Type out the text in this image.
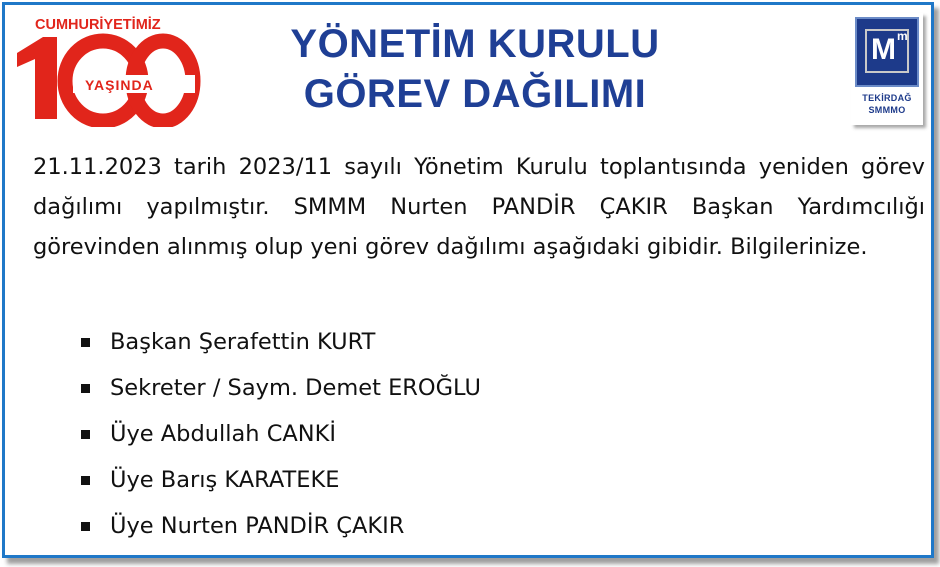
CUMHURİYETİMİZ
YAŞINDA
YÖNETİM KURULU
GÖREV DAĞILIMI
M m
TEKİRDAĞ
SMMMO
21.11.2023 tarih 2023/11 sayılı Yönetim Kurulu toplantısında yeniden görev dağılımı yapılmıştır. SMMM Nurten PANDİR ÇAKIR Başkan Yardımcılığı görevinden alınmış olup yeni görev dağılımı aşağıdaki gibidir. Bilgilerinize.
Başkan Şerafettin KURT
Sekreter / Saym. Demet EROĞLU
Üye Abdullah CANKİ
Üye Barış KARATEKE
Üye Nurten PANDİR ÇAKIR
